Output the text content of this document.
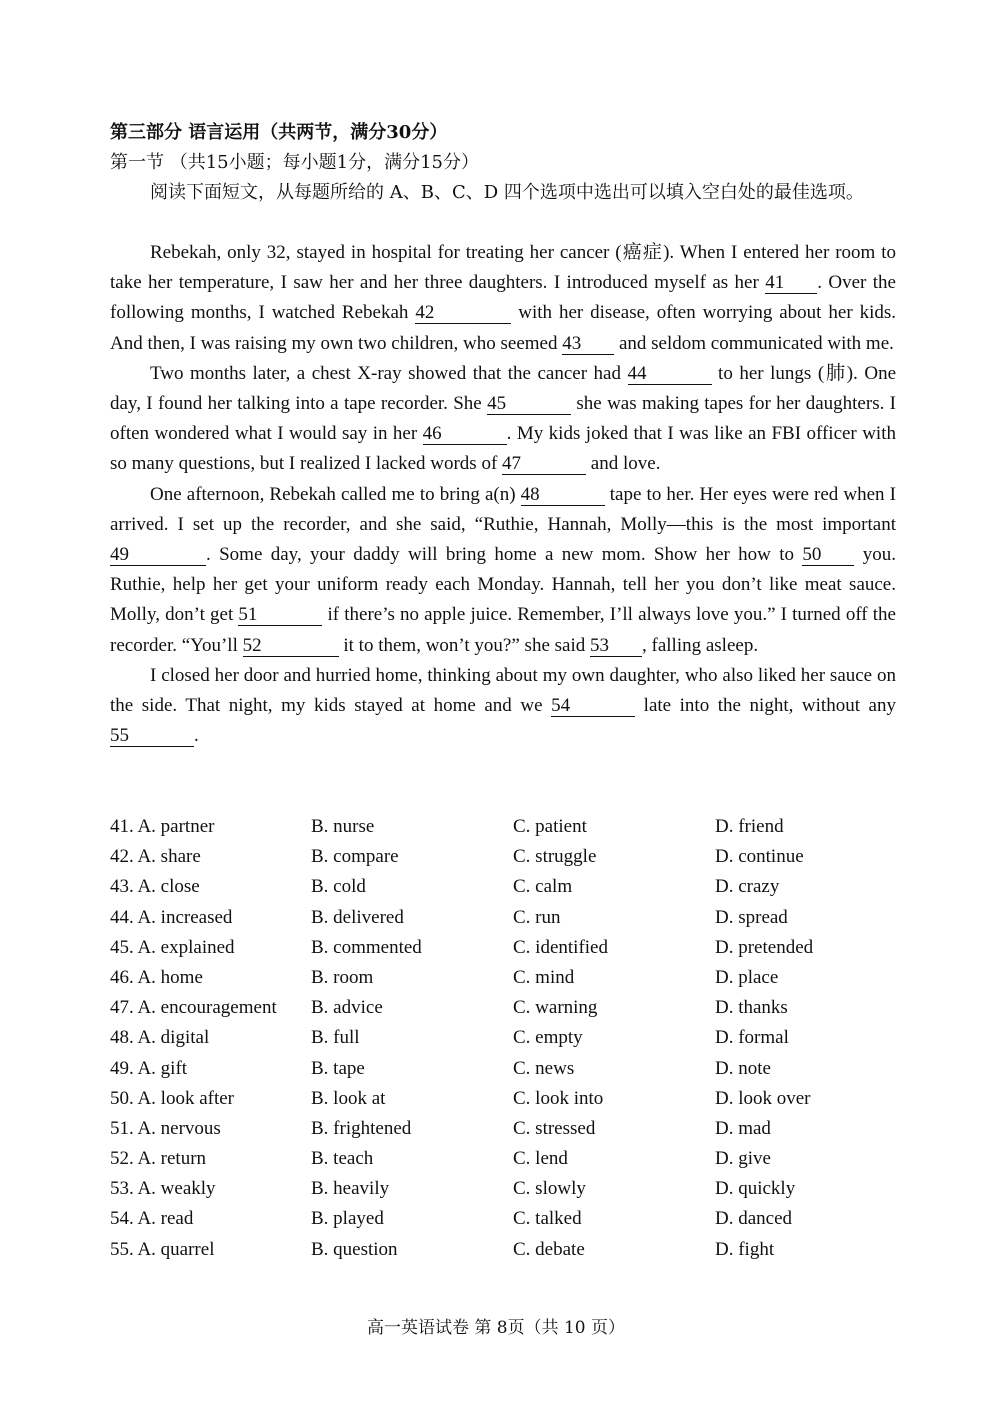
第三部分 语言运用（共两节，满分30分）
第一节 （共15小题；每小题1分，满分15分）
阅读下面短文，从每题所给的 A、B、C、D 四个选项中选出可以填入空白处的最佳选项。

Rebekah, only 32, stayed in hospital for treating her cancer (癌症). When I entered her room to take her temperature, I saw her and her three daughters. I introduced myself as her 41 . Over the following months, I watched Rebekah 42	with her disease, often worrying about her kids. And then, I was raising my own two children, who seemed 43 and seldom communicated with me.

Two months later, a chest X-ray showed that the cancer had 44	to her lungs (肺). One day, I found her talking into a tape recorder. She 45	she was making tapes for her daughters. I often wondered what I would say in her 46	. My kids joked that I was like an FBI officer with so many questions, but I realized I lacked words of 47	and love.

One afternoon, Rebekah called me to bring a(n) 48	tape to her. Her eyes were red when I arrived. I set up the recorder, and she said, “Ruthie, Hannah, Molly—this is the most important 49	. Some day, your daddy will bring home a new mom. Show her how to 50 you. Ruthie, help her get your uniform ready each Monday. Hannah, tell her you don’t like meat sauce. Molly, don’t get 51	if there’s no apple juice. Remember, I’ll always love you.” I turned off the recorder. “You’ll 52	it to them, won’t you?” she said 53 , falling asleep.

I closed her door and hurried home, thinking about my own daughter, who also liked her sauce on the side. That night, my kids stayed at home and we 54	late into the night, without any 55	.

41. A. partner	B. nurse	C. patient	D. friend
42. A. share	B. compare	C. struggle	D. continue
43. A. close	B. cold	C. calm	D. crazy
44. A. increased	B. delivered	C. run	D. spread
45. A. explained	B. commented	C. identified	D. pretended
46. A. home	B. room	C. mind	D. place
47. A. encouragement B. advice	C. warning	D. thanks
48. A. digital	B. full	C. empty	D. formal
49. A. gift	B. tape	C. news	D. note
50. A. look after	B. look at	C. look into	D. look over
51. A. nervous	B. frightened	C. stressed	D. mad
52. A. return	B. teach	C. lend	D. give
53. A. weakly	B. heavily	C. slowly	D. quickly
54. A. read	B. played	C. talked	D. danced
55. A. quarrel	B. question	C. debate	D. fight
高一英语试卷 第 8页（共 10 页）
